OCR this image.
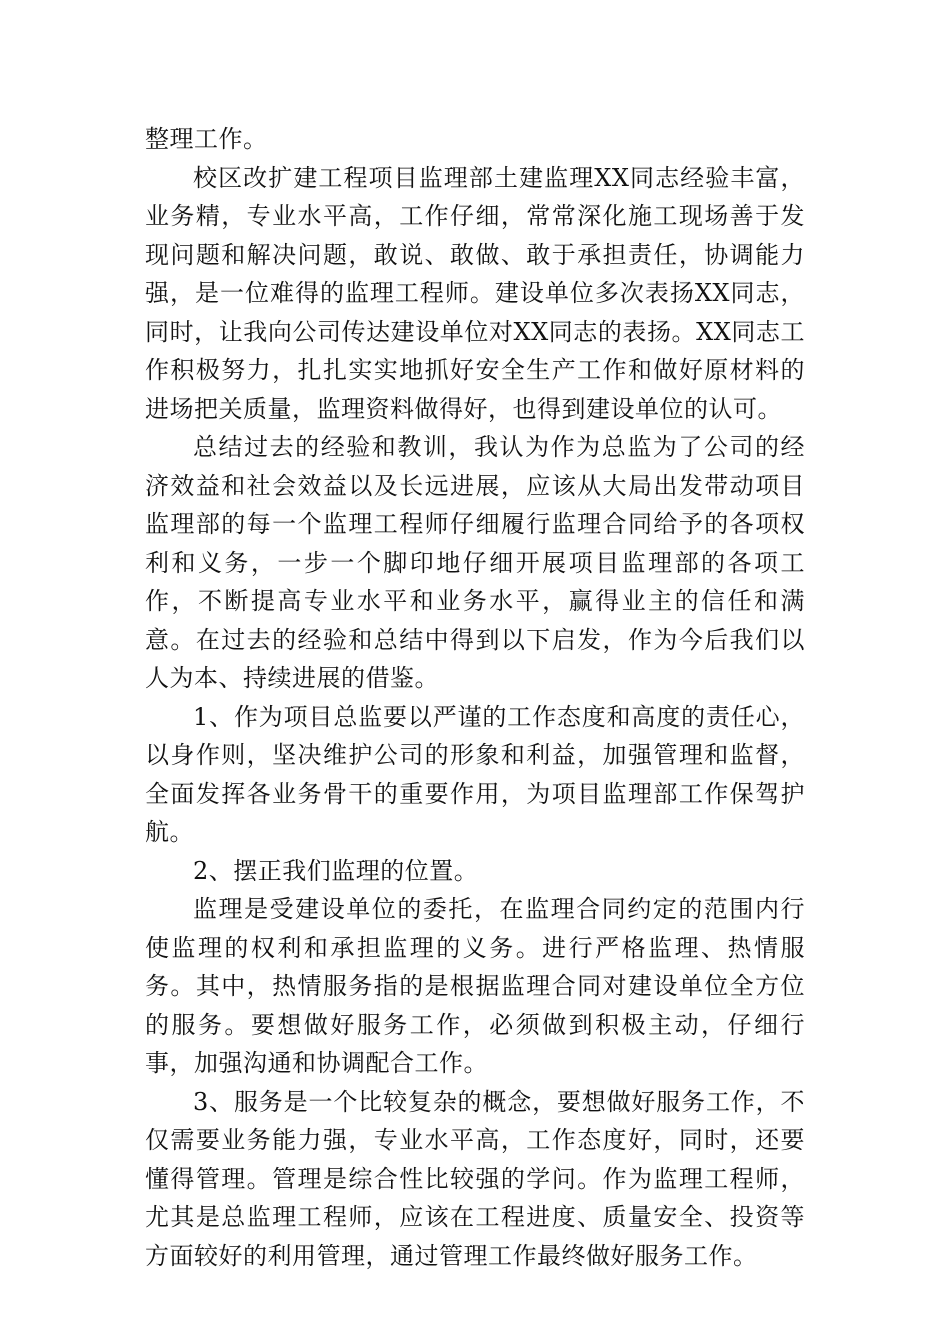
整理工作。

校区改扩建工程项目监理部土建监理XX同志经验丰富，业务精，专业水平高，工作仔细，常常深化施工现场善于发现问题和解决问题，敢说、敢做、敢于承担责任，协调能力强，是一位难得的监理工程师。建设单位多次表扬XX同志，同时，让我向公司传达建设单位对XX同志的表扬。XX同志工作积极努力，扎扎实实地抓好安全生产工作和做好原材料的进场把关质量，监理资料做得好，也得到建设单位的认可。

总结过去的经验和教训，我认为作为总监为了公司的经济效益和社会效益以及长远进展，应该从大局出发带动项目监理部的每一个监理工程师仔细履行监理合同给予的各项权利和义务，一步一个脚印地仔细开展项目监理部的各项工作，不断提高专业水平和业务水平，赢得业主的信任和满意。在过去的经验和总结中得到以下启发，作为今后我们以人为本、持续进展的借鉴。

1、作为项目总监要以严谨的工作态度和高度的责任心，以身作则，坚决维护公司的形象和利益，加强管理和监督，全面发挥各业务骨干的重要作用，为项目监理部工作保驾护航。

2、摆正我们监理的位置。

监理是受建设单位的委托，在监理合同约定的范围内行使监理的权利和承担监理的义务。进行严格监理、热情服务。其中，热情服务指的是根据监理合同对建设单位全方位的服务。要想做好服务工作，必须做到积极主动，仔细行事，加强沟通和协调配合工作。

3、服务是一个比较复杂的概念，要想做好服务工作，不仅需要业务能力强，专业水平高，工作态度好，同时，还要懂得管理。管理是综合性比较强的学问。作为监理工程师，尤其是总监理工程师，应该在工程进度、质量安全、投资等方面较好的利用管理，通过管理工作最终做好服务工作。
